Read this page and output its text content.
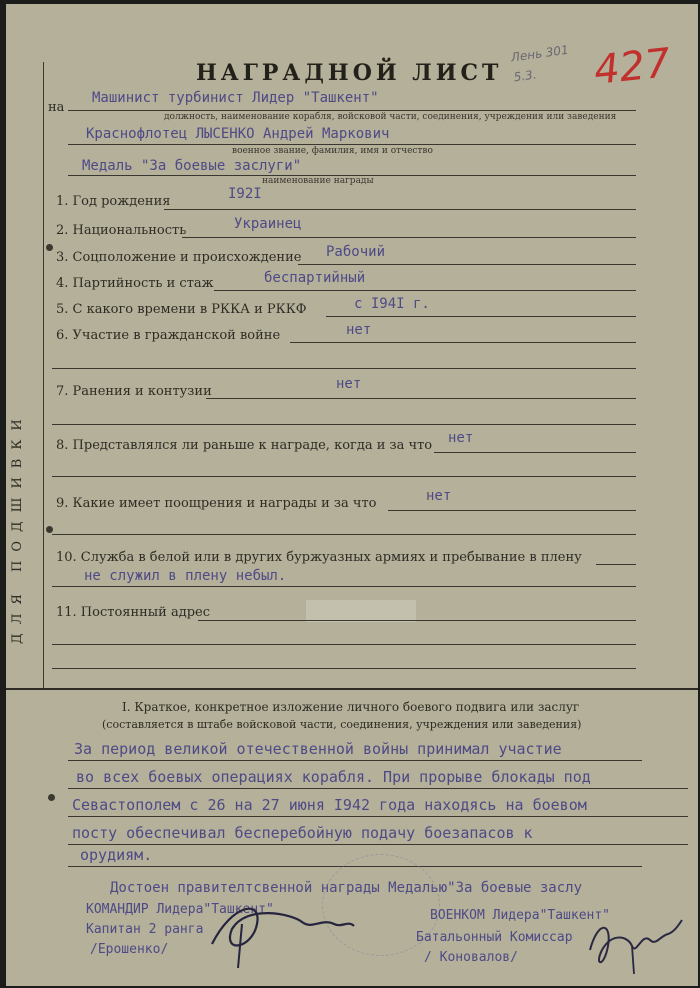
ДЛЯ ПОДШИВКИ
НАГРАДНОЙ ЛИСТ
Лень 301 5.3.	427
на
Машинист турбинист Лидер "Ташкент"
должность, наименование корабля, войсковой части, соединения, учреждения или заведения
Краснофлотец ЛЫСЕНКО Андрей Маркович
военное звание, фамилия, имя и отчество
Медаль "За боевые заслуги"
наименование награды
1. Год рождения	I92I
2. Национальность	Украинец
3. Соцположение и происхождение Рабочий
4. Партийность и стаж	беспартийный
5. С какого времени в РККА и РККФ	с I94I г.
6. Участие в гражданской войне	нет
7. Ранения и контузии	нет
8. Представлялся ли раньше к награде, когда и за что нет
9. Какие имеет поощрения и награды и за что	нет
10. Служба в белой или в других буржуазных армиях и пребывание в плену
не служил в плену небыл.
11. Постоянный адрес
I. Краткое, конкретное изложение личного боевого подвига или заслуг
(составляется в штабе войсковой части, соединения, учреждения или заведения)
За период великой отечественной войны принимал участие
во всех боевых операциях корабля. При прорыве блокады под
Севастополем с 26 на 27 июня I942 года находясь на боевом
посту обеспечивал бесперебойную подачу боезапасов к
орудиям.
Достоен правителтсвенной награды Медалью"За боевые заслу
КОМАНДИР Лидера"Ташкент"
Капитан 2 ранга
/Ерошенко/
ВОЕНКОМ Лидера"Ташкент"
Батальонный Комиссар
/ Коновалов/
